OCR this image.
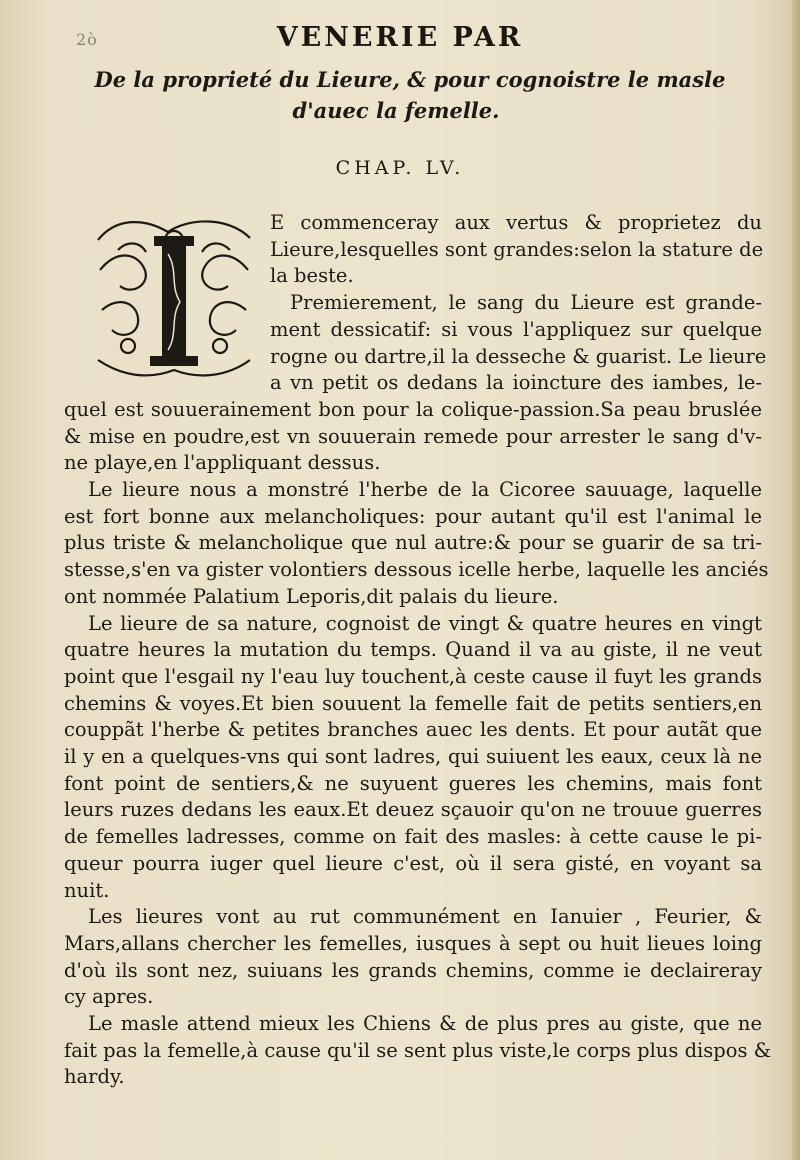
2ò	VENERIE PAR
De la proprieté du Lieure, & pour cognoistre le masle
d'auec la femelle.
CHAP. LV.
E commenceray aux vertus & proprietez du
Lieure,lesquelles sont grandes:selon la stature de
la beste.
Premierement, le sang du Lieure est grande-
ment dessicatif: si vous l'appliquez sur quelque
rogne ou dartre,il la desseche & guarist. Le lieure
a vn petit os dedans la ioincture des iambes, le-
quel est souuerainement bon pour la colique-passion.Sa peau bruslée
& mise en poudre,est vn souuerain remede pour arrester le sang d'v-
ne playe,en l'appliquant dessus.
Le lieure nous a monstré l'herbe de la Cicoree sauuage, laquelle
est fort bonne aux melancholiques: pour autant qu'il est l'animal le
plus triste & melancholique que nul autre:& pour se guarir de sa tri-
stesse,s'en va gister volontiers dessous icelle herbe, laquelle les anciés
ont nommée Palatium Leporis,dit palais du lieure.
Le lieure de sa nature, cognoist de vingt & quatre heures en vingt
quatre heures la mutation du temps. Quand il va au giste, il ne veut
point que l'esgail ny l'eau luy touchent,à ceste cause il fuyt les grands
chemins & voyes.Et bien souuent la femelle fait de petits sentiers,en
couppãt l'herbe & petites branches auec les dents. Et pour autãt que
il y en a quelques-vns qui sont ladres, qui suiuent les eaux, ceux là ne
font point de sentiers,& ne suyuent gueres les chemins, mais font
leurs ruzes dedans les eaux.Et deuez sçauoir qu'on ne trouue guerres
de femelles ladresses, comme on fait des masles: à cette cause le pi-
queur pourra iuger quel lieure c'est, où il sera gisté, en voyant sa
nuit.
Les lieures vont au rut communément en Ianuier , Feurier, &
Mars,allans chercher les femelles, iusques à sept ou huit lieues loing
d'où ils sont nez, suiuans les grands chemins, comme ie declaireray
cy apres.
Le masle attend mieux les Chiens & de plus pres au giste, que ne
fait pas la femelle,à cause qu'il se sent plus viste,le corps plus dispos &
hardy.
